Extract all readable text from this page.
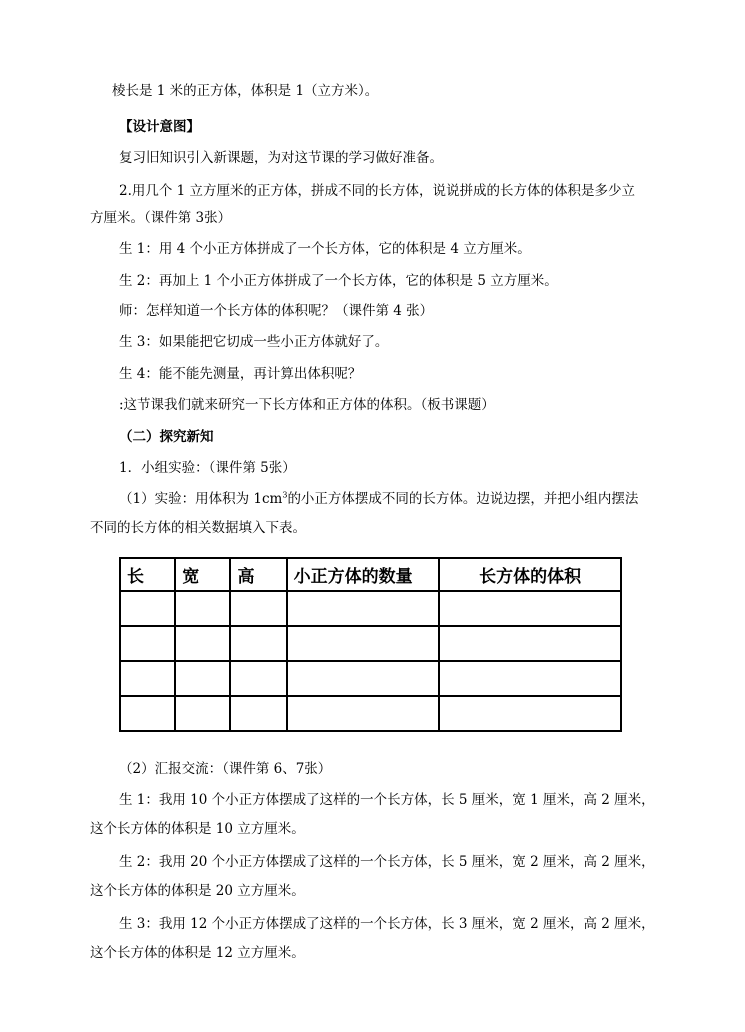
棱长是 1 米的正方体，体积是 1（立方米）。
【设计意图】
复习旧知识引入新课题，为对这节课的学习做好准备。
2.用几个 1 立方厘米的正方体，拼成不同的长方体，说说拼成的长方体的体积是多少立
方厘米。（课件第 3张）
生 1：用 4 个小正方体拼成了一个长方体，它的体积是 4 立方厘米。
生 2：再加上 1 个小正方体拼成了一个长方体，它的体积是 5 立方厘米。
师：怎样知道一个长方体的体积呢？（课件第 4 张）
生 3：如果能把它切成一些小正方体就好了。
生 4：能不能先测量，再计算出体积呢？
:这节课我们就来研究一下长方体和正方体的体积。（板书课题）
（二）探究新知
1．小组实验：（课件第 5张）
（1）实验：用体积为 $1cm^3$的小正方体摆成不同的长方体。边说边摆，并把小组内摆法
不同的长方体的相关数据填入下表。
长	宽	高	小正方体的数量	长方体的体积

（2）汇报交流：（课件第 6、7张）
生 1：我用 10 个小正方体摆成了这样的一个长方体，长 5 厘米，宽 1 厘米，高 2 厘米，
这个长方体的体积是 10 立方厘米。
生 2：我用 20 个小正方体摆成了这样的一个长方体，长 5 厘米，宽 2 厘米，高 2 厘米，
这个长方体的体积是 20 立方厘米。
生 3：我用 12 个小正方体摆成了这样的一个长方体，长 3 厘米，宽 2 厘米，高 2 厘米，
这个长方体的体积是 12 立方厘米。
